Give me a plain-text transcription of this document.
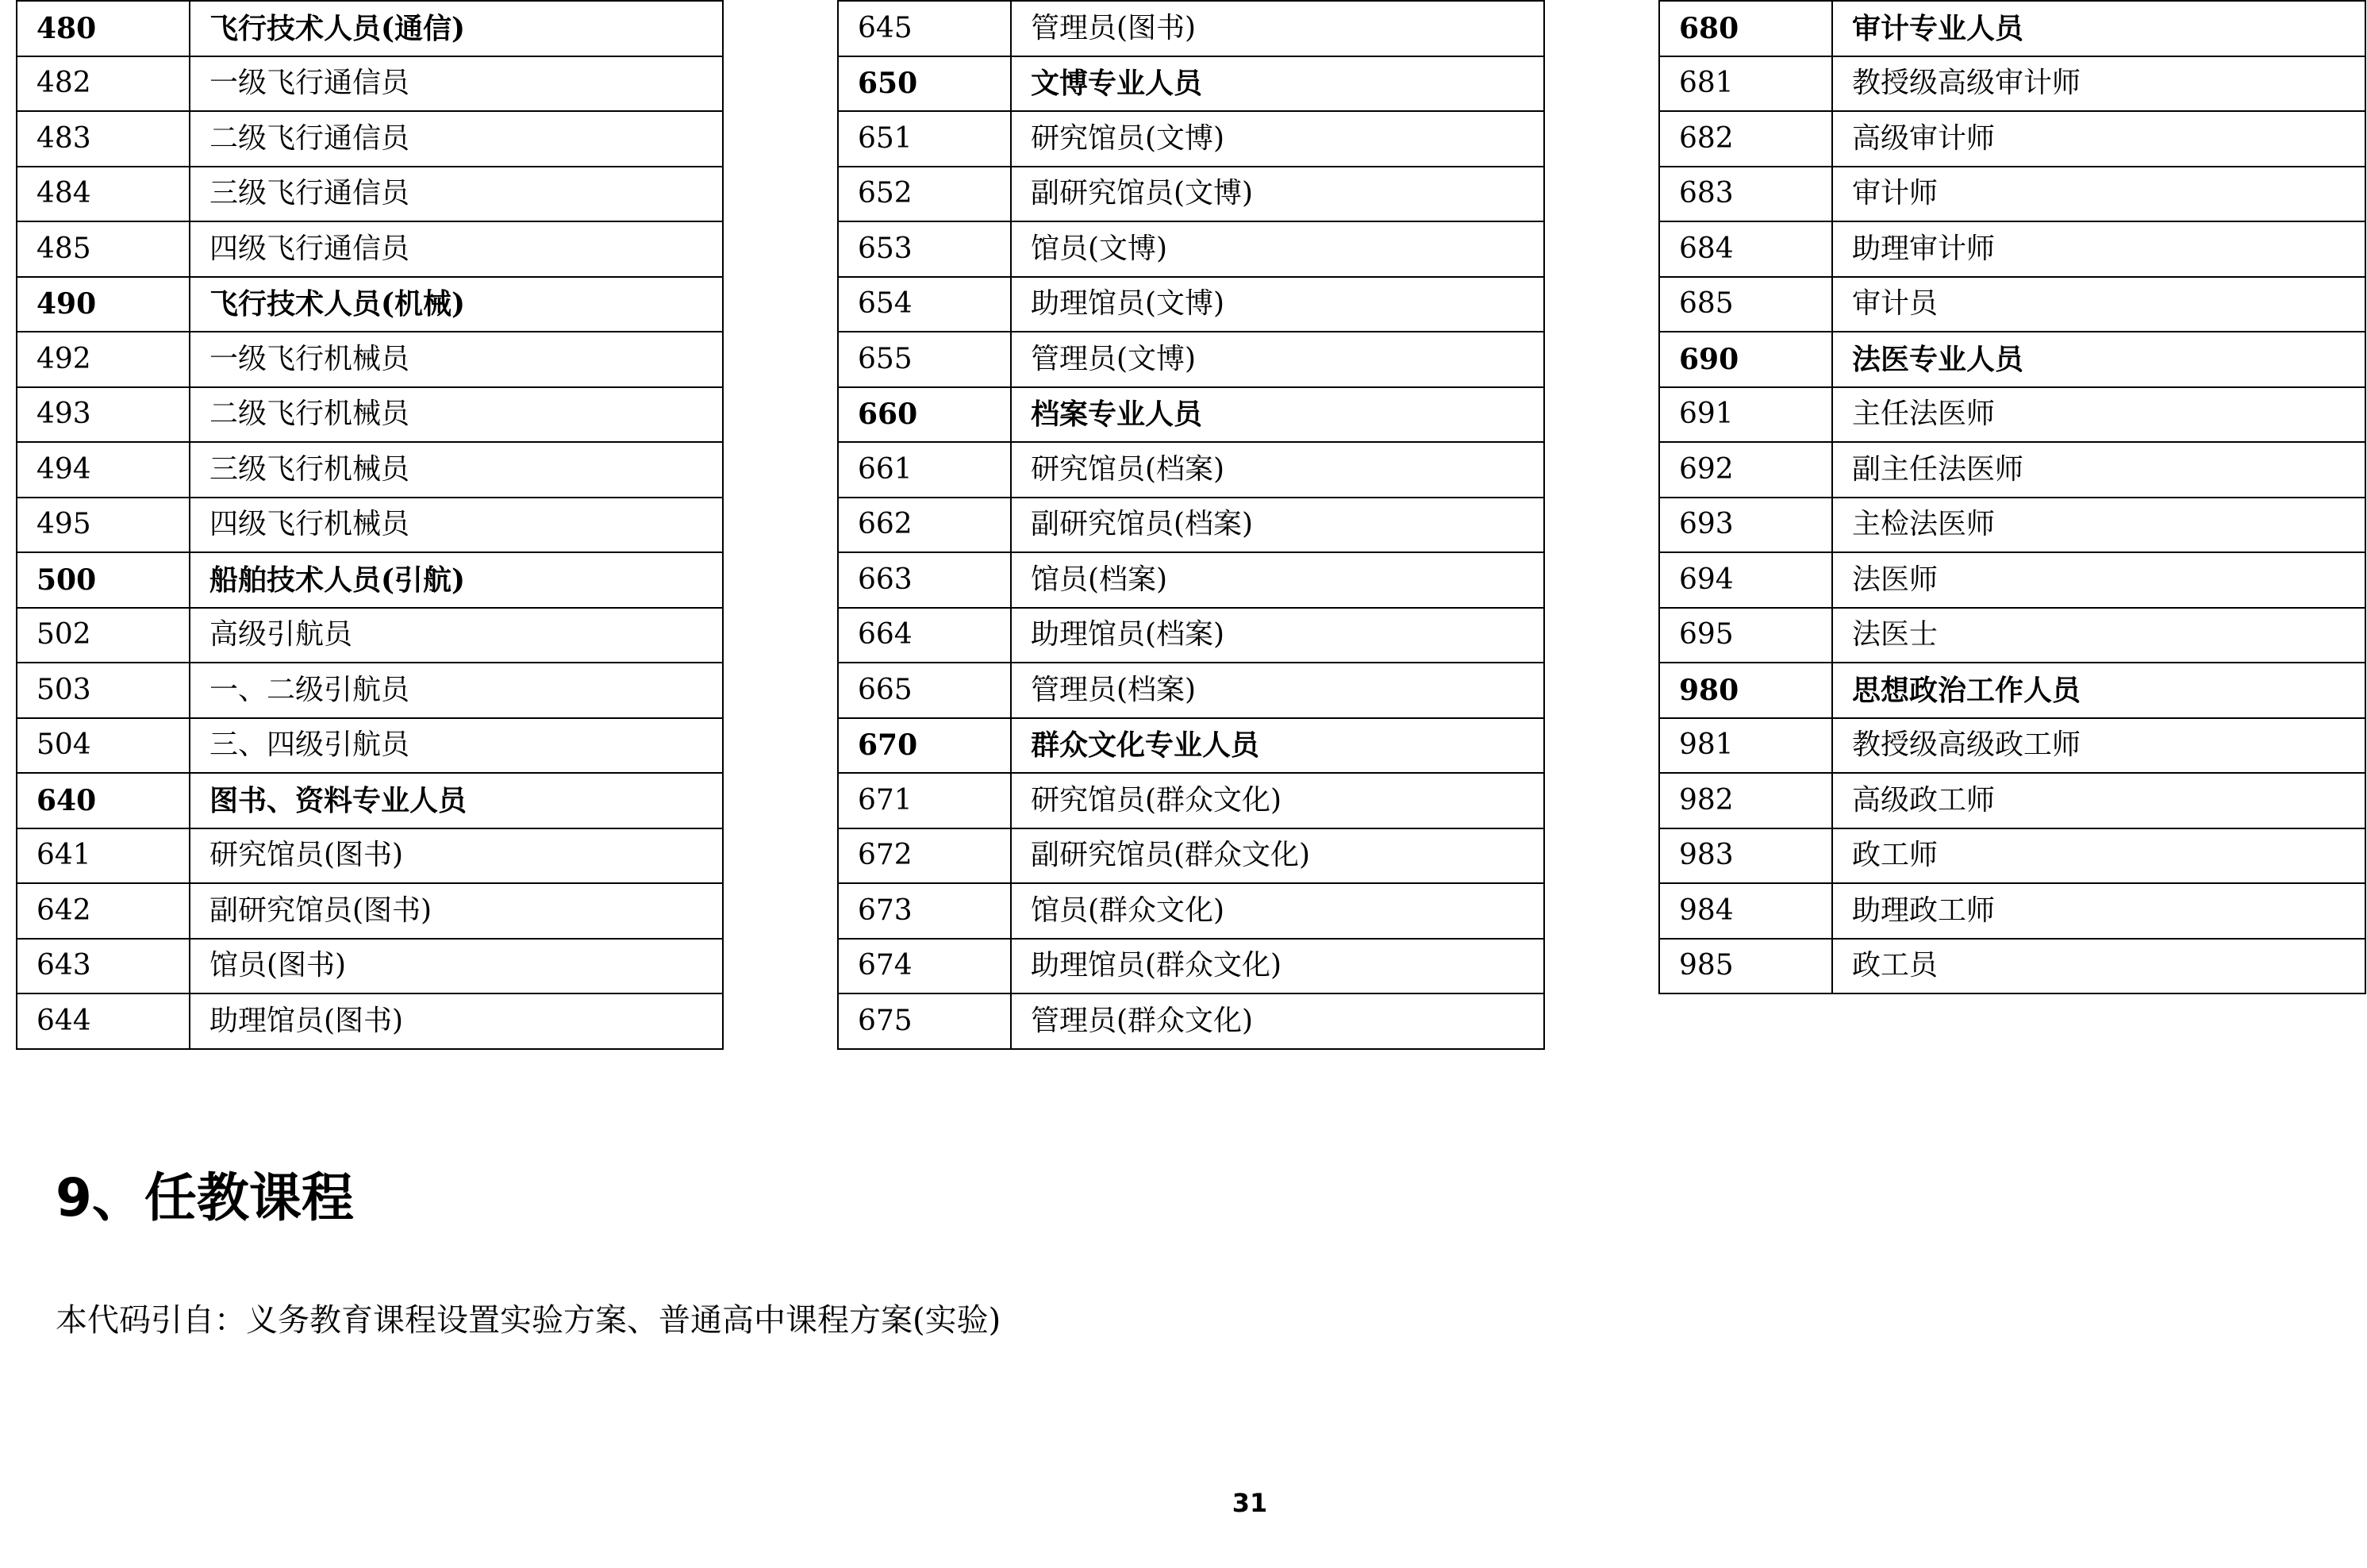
480	飞行技术人员(通信)
482	一级飞行通信员
483	二级飞行通信员
484	三级飞行通信员
485	四级飞行通信员
490	飞行技术人员(机械)
492	一级飞行机械员
493	二级飞行机械员
494	三级飞行机械员
495	四级飞行机械员
500	船舶技术人员(引航)
502	高级引航员
503	一、二级引航员
504	三、四级引航员
640	图书、资料专业人员
641	研究馆员(图书)
642	副研究馆员(图书)
643	馆员(图书)
644	助理馆员(图书)
645	管理员(图书)
650	文博专业人员
651	研究馆员(文博)
652	副研究馆员(文博)
653	馆员(文博)
654	助理馆员(文博)
655	管理员(文博)
660	档案专业人员
661	研究馆员(档案)
662	副研究馆员(档案)
663	馆员(档案)
664	助理馆员(档案)
665	管理员(档案)
670	群众文化专业人员
671	研究馆员(群众文化)
672	副研究馆员(群众文化)
673	馆员(群众文化)
674	助理馆员(群众文化)
675	管理员(群众文化)
680	审计专业人员
681	教授级高级审计师
682	高级审计师
683	审计师
684	助理审计师
685	审计员
690	法医专业人员
691	主任法医师
692	副主任法医师
693	主检法医师
694	法医师
695	法医士
980	思想政治工作人员
981	教授级高级政工师
982	高级政工师
983	政工师
984	助理政工师
985	政工员
9、任教课程

本代码引自：义务教育课程设置实验方案、普通高中课程方案(实验)

31
